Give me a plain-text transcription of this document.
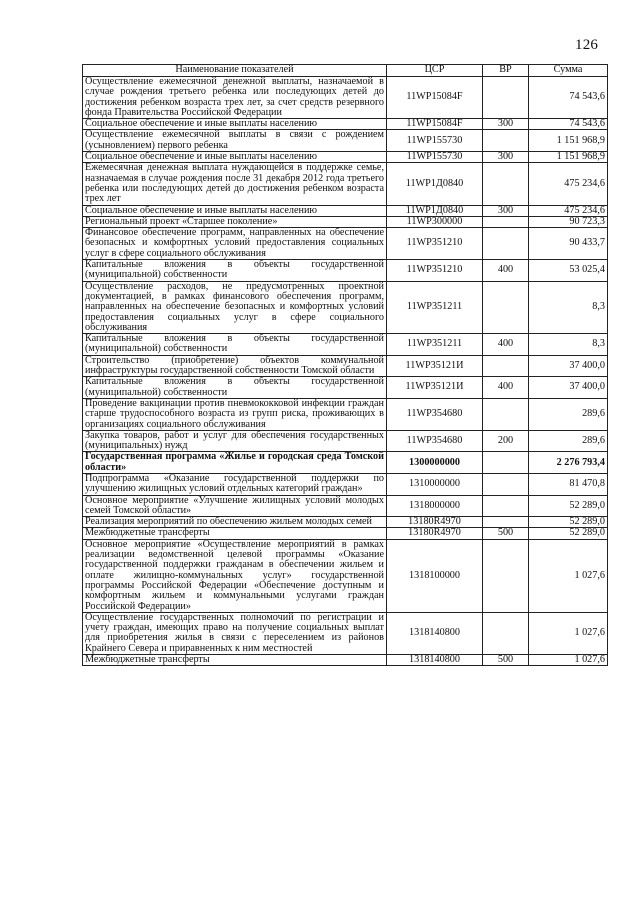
126
Наименование показателей	ЦСР	ВР	Сумма
Осуществление ежемесячной денежной выплаты, назначаемой в случае рождения третьего ребенка или последующих детей до достижения ребенком возраста трех лет, за счет средств резервного фонда Правительства Российской Федерации	11WP15084F		74 543,6
Социальное обеспечение и иные выплаты населению	11WP15084F	300	74 543,6
Осуществление ежемесячной выплаты в связи с рождением (усыновлением) первого ребенка	11WP155730		1 151 968,9
Социальное обеспечение и иные выплаты населению	11WP155730	300	1 151 968,9
Ежемесячная денежная выплата нуждающейся в поддержке семье, назначаемая в случае рождения после 31 декабря 2012 года третьего ребенка или последующих детей до достижения ребенком возраста трех лет	11WP1Д0840		475 234,6
Социальное обеспечение и иные выплаты населению	11WP1Д0840	300	475 234,6
Региональный проект «Старшее поколение»	11WP300000		90 723,3
Финансовое обеспечение программ, направленных на обеспечение безопасных и комфортных условий предоставления социальных услуг в сфере социального обслуживания	11WP351210		90 433,7
Капитальные вложения в объекты государственной (муниципальной) собственности	11WP351210	400	53 025,4
Осуществление расходов, не предусмотренных проектной документацией, в рамках финансового обеспечения программ, направленных на обеспечение безопасных и комфортных условий предоставления социальных услуг в сфере социального обслуживания	11WP351211		8,3
Капитальные вложения в объекты государственной (муниципальной) собственности	11WP351211	400	8,3
Строительство (приобретение) объектов коммунальной инфраструктуры государственной собственности Томской области	11WP35121И		37 400,0
Капитальные вложения в объекты государственной (муниципальной) собственности	11WP35121И	400	37 400,0
Проведение вакцинации против пневмококковой инфекции граждан старше трудоспособного возраста из групп риска, проживающих в организациях социального обслуживания	11WP354680		289,6
Закупка товаров, работ и услуг для обеспечения государственных (муниципальных) нужд	11WP354680	200	289,6
Государственная программа «Жилье и городская среда Томской области»	1300000000		2 276 793,4
Подпрограмма «Оказание государственной поддержки по улучшению жилищных условий отдельных категорий граждан»	1310000000		81 470,8
Основное мероприятие «Улучшение жилищных условий молодых семей Томской области»	1318000000		52 289,0
Реализация мероприятий по обеспечению жильем молодых семей	13180R4970		52 289,0
Межбюджетные трансферты	13180R4970	500	52 289,0
Основное мероприятие «Осуществление мероприятий в рамках реализации ведомственной целевой программы «Оказание государственной поддержки гражданам в обеспечении жильем и оплате жилищно-коммунальных услуг» государственной программы Российской Федерации «Обеспечение доступным и комфортным жильем и коммунальными услугами граждан Российской Федерации»	1318100000		1 027,6
Осуществление государственных полномочий по регистрации и учету граждан, имеющих право на получение социальных выплат для приобретения жилья в связи с переселением из районов Крайнего Севера и приравненных к ним местностей	1318140800		1 027,6
Межбюджетные трансферты	1318140800	500	1 027,6
